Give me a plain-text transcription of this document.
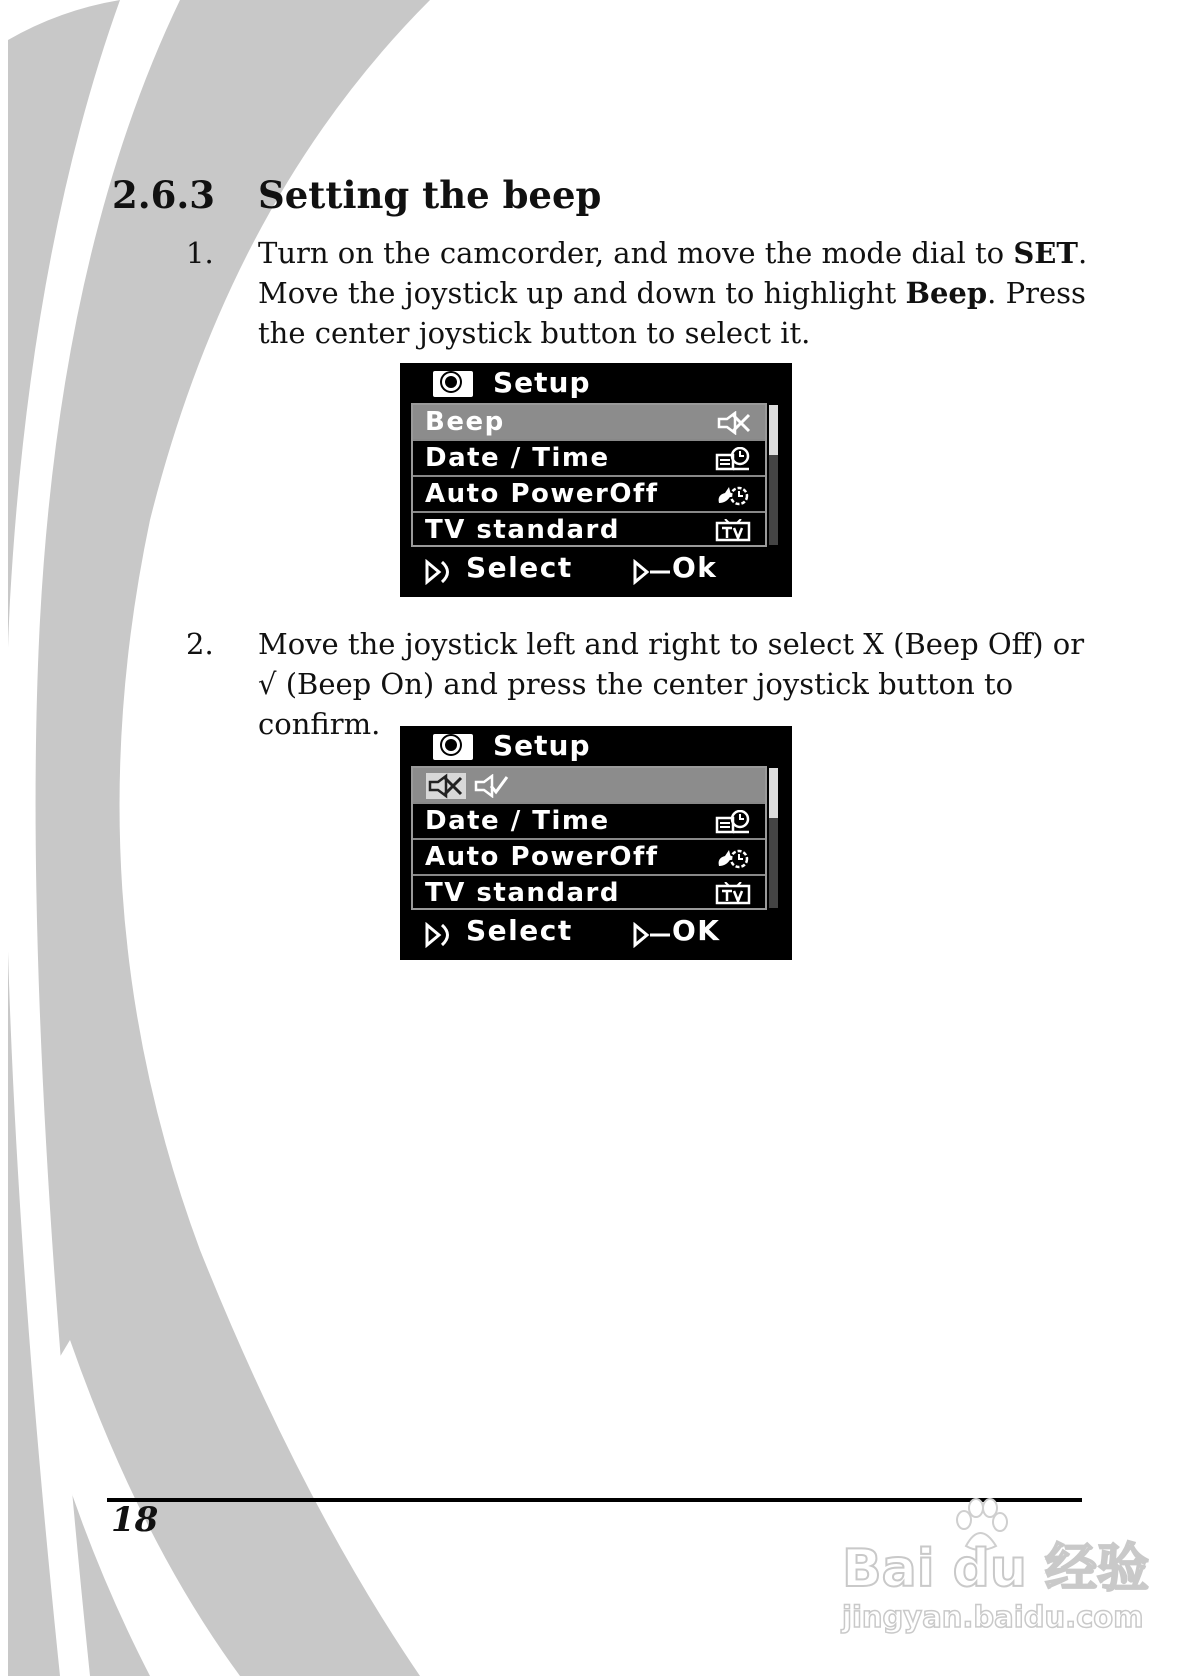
2.6.3 Setting the beep
1. Turn on the camcorder, and move the mode dial to SET. Move the joystick up and down to highlight Beep. Press the center joystick button to select it.
Setup
Beep
Date / Time
Auto PowerOff
TV standard
Select	Ok
2. Move the joystick left and right to select X (Beep Off) or √ (Beep On) and press the center joystick button to confirm.
Setup
Date / Time
Auto PowerOff
TV standard
Select	OK
18
Bai du 经验
jingyan.baidu.com
